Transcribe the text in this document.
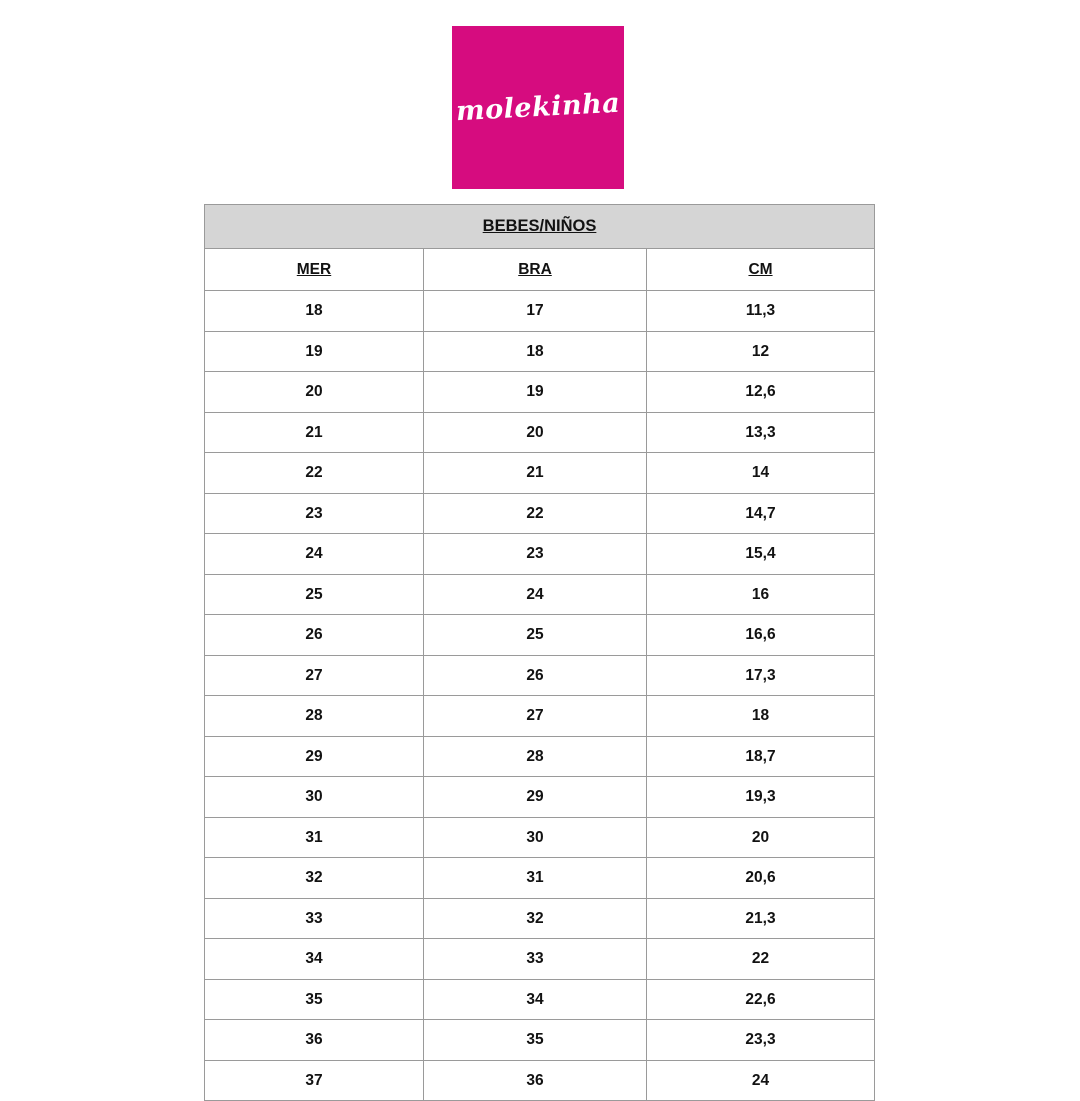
molekinha
BEBES/NIÑOS		
MER	BRA	CM
18	17	11,3
19	18	12
20	19	12,6
21	20	13,3
22	21	14
23	22	14,7
24	23	15,4
25	24	16
26	25	16,6
27	26	17,3
28	27	18
29	28	18,7
30	29	19,3
31	30	20
32	31	20,6
33	32	21,3
34	33	22
35	34	22,6
36	35	23,3
37	36	24
